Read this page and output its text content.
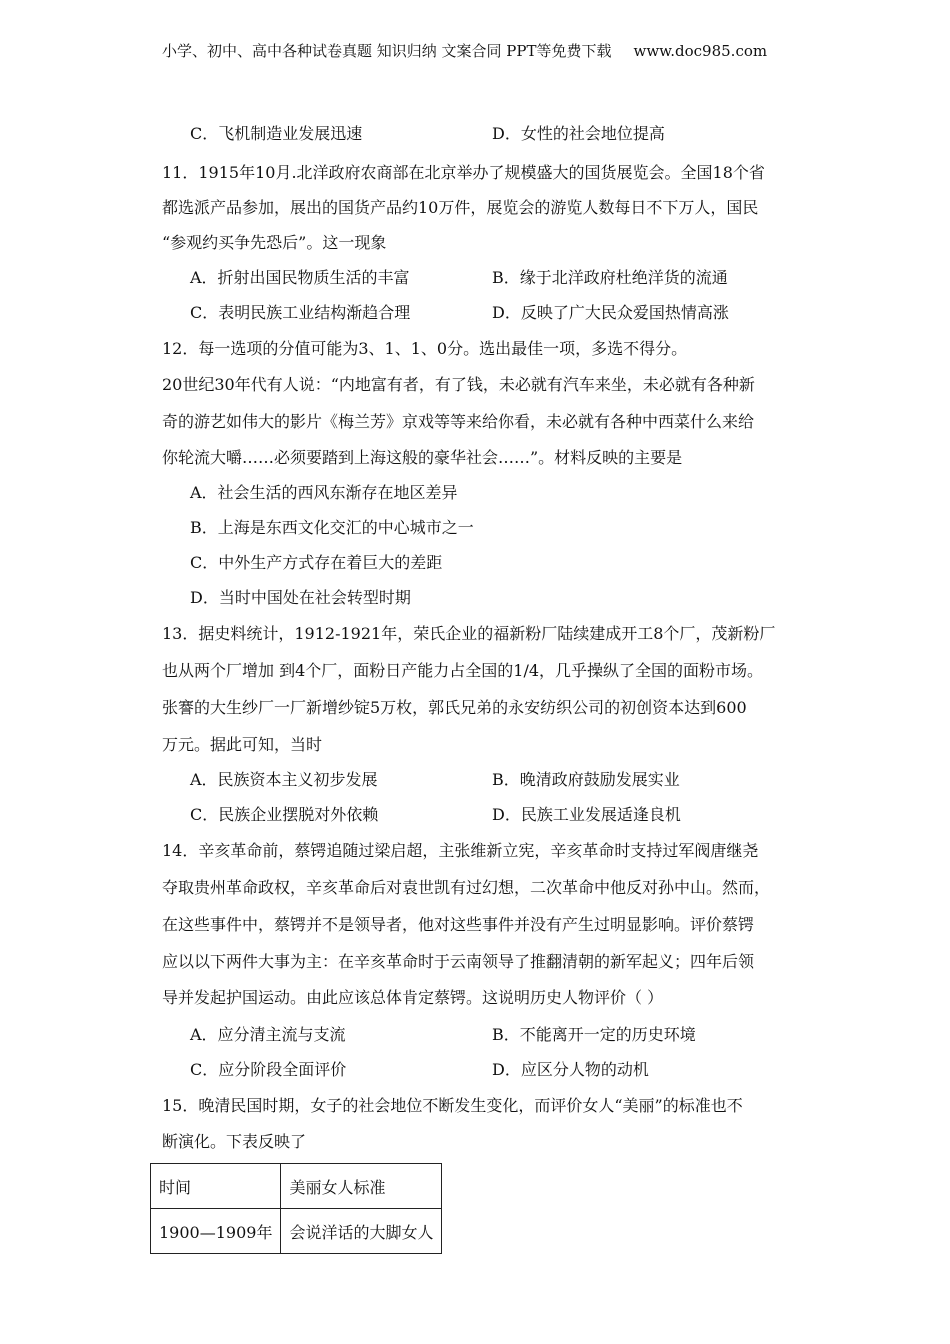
小学、初中、高中各种试卷真题 知识归纳 文案合同 PPT等免费下载 www.doc985.com
C．飞机制造业发展迅速	D．女性的社会地位提高
11．1915年10月.北洋政府农商部在北京举办了规模盛大的国货展览会。全国18个省
都选派产品参加，展出的国货产品约10万件，展览会的游览人数每日不下万人，国民
“参观约买争先恐后”。这一现象
A．折射出国民物质生活的丰富	B．缘于北洋政府杜绝洋货的流通
C．表明民族工业结构渐趋合理	D．反映了广大民众爱国热情高涨
12．每一选项的分值可能为3、1、1、0分。选出最佳一项，多选不得分。
20世纪30年代有人说：“内地富有者，有了钱，未必就有汽车来坐，未必就有各种新
奇的游艺如伟大的影片《梅兰芳》京戏等等来给你看，未必就有各种中西菜什么来给
你轮流大嚼……必须要踏到上海这般的豪华社会……”。材料反映的主要是
A．社会生活的西风东渐存在地区差异
B．上海是东西文化交汇的中心城市之一
C．中外生产方式存在着巨大的差距
D．当时中国处在社会转型时期
13．据史料统计，1912-1921年，荣氏企业的福新粉厂陆续建成开工8个厂，茂新粉厂
也从两个厂增加 到4个厂，面粉日产能力占全国的1/4，几乎操纵了全国的面粉市场。
张謇的大生纱厂一厂新增纱锭5万枚，郭氏兄弟的永安纺织公司的初创资本达到600
万元。据此可知，当时
A．民族资本主义初步发展	B．晚清政府鼓励发展实业
C．民族企业摆脱对外依赖	D．民族工业发展适逢良机
14．辛亥革命前，蔡锷追随过梁启超，主张维新立宪，辛亥革命时支持过军阀唐继尧
夺取贵州革命政权，辛亥革命后对袁世凯有过幻想，二次革命中他反对孙中山。然而，
在这些事件中，蔡锷并不是领导者，他对这些事件并没有产生过明显影响。评价蔡锷
应以以下两件大事为主：在辛亥革命时于云南领导了推翻清朝的新军起义；四年后领
导并发起护国运动。由此应该总体肯定蔡锷。这说明历史人物评价（ ）
A．应分清主流与支流	B．不能离开一定的历史环境
C．应分阶段全面评价	D．应区分人物的动机
15．晚清民国时期，女子的社会地位不断发生变化，而评价女人“美丽”的标准也不
断演化。下表反映了
时间	美丽女人标准
1900—1909年	会说洋话的大脚女人
